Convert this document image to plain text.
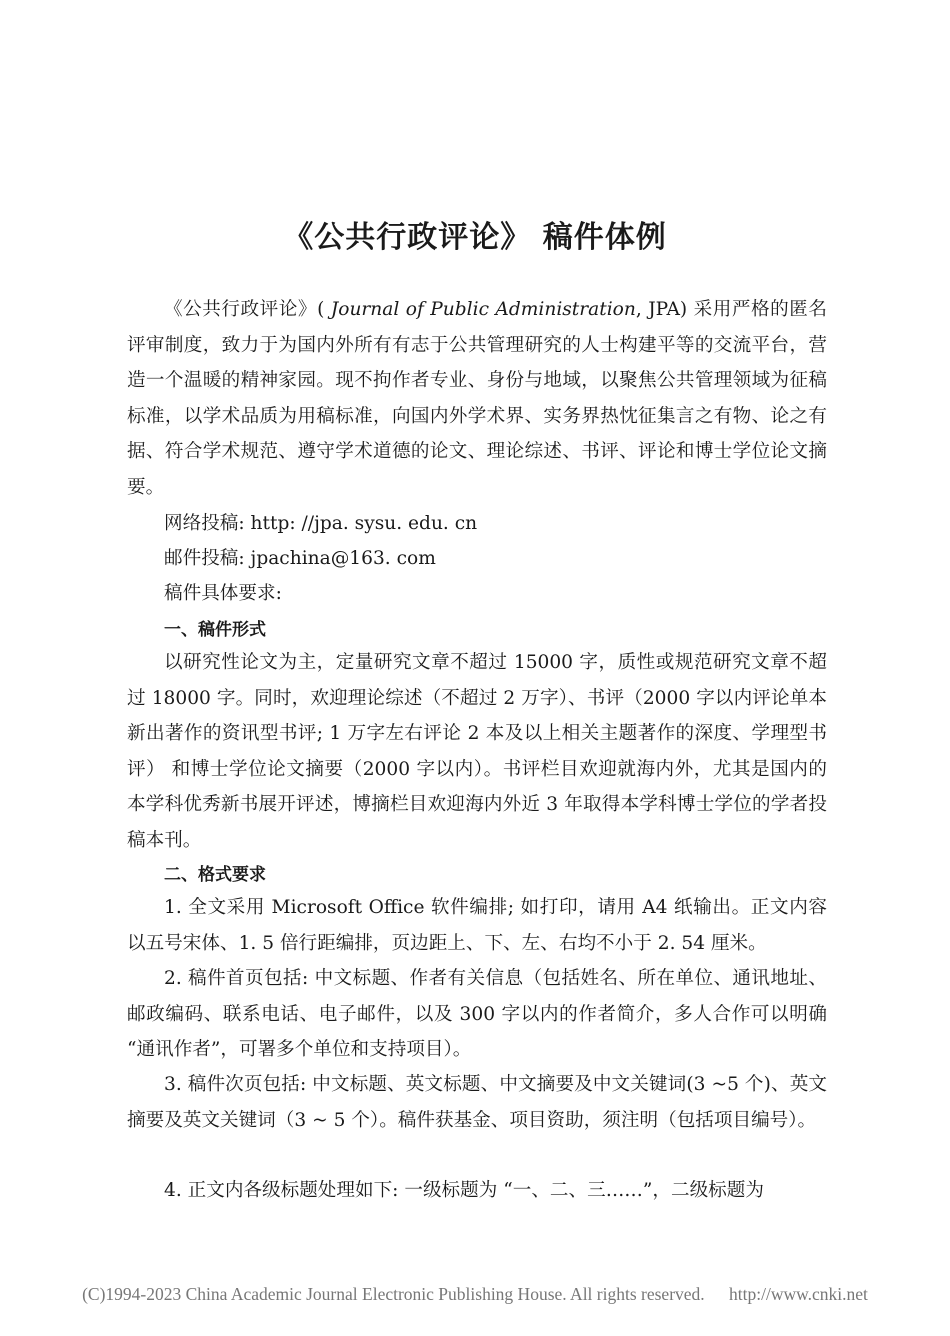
《公共行政评论》 稿件体例

《公共行政评论》( Journal of Public Administration, JPA) 采用严格的匿名评审制度，致力于为国内外所有有志于公共管理研究的人士构建平等的交流平台，营造一个温暖的精神家园。现不拘作者专业、身份与地域，以聚焦公共管理领域为征稿标准，以学术品质为用稿标准，向国内外学术界、实务界热忱征集言之有物、论之有据、符合学术规范、遵守学术道德的论文、理论综述、书评、评论和博士学位论文摘要。

网络投稿: http: //jpa. sysu. edu. cn

邮件投稿: jpachina@163. com

稿件具体要求:

一、稿件形式

以研究性论文为主，定量研究文章不超过 15000 字，质性或规范研究文章不超过 18000 字。同时，欢迎理论综述（不超过 2 万字）、书评（2000 字以内评论单本新出著作的资讯型书评; 1 万字左右评论 2 本及以上相关主题著作的深度、学理型书评） 和博士学位论文摘要（2000 字以内）。书评栏目欢迎就海内外，尤其是国内的本学科优秀新书展开评述，博摘栏目欢迎海内外近 3 年取得本学科博士学位的学者投稿本刊。

二、格式要求

1. 全文采用 Microsoft Office 软件编排; 如打印，请用 A4 纸输出。正文内容以五号宋体、1. 5 倍行距编排，页边距上、下、左、右均不小于 2. 54 厘米。

2. 稿件首页包括: 中文标题、作者有关信息（包括姓名、所在单位、通讯地址、邮政编码、联系电话、电子邮件，以及 300 字以内的作者简介，多人合作可以明确 “通讯作者”，可署多个单位和支持项目）。

3. 稿件次页包括: 中文标题、英文标题、中文摘要及中文关键词(3 ~5 个)、英文摘要及英文关键词（3 ~ 5 个）。稿件获基金、项目资助，须注明（包括项目编号）。

4. 正文内各级标题处理如下: 一级标题为 “一、二、三……”，二级标题为

(C)1994-2023 China Academic Journal Electronic Publishing House. All rights reserved. http://www.cnki.net
